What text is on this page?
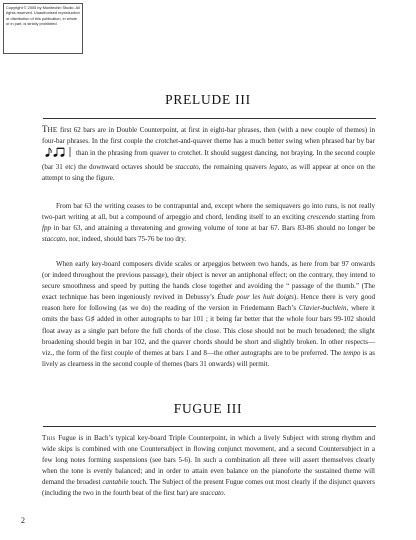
Copyright © 2005 by Monitechin Studio. All rights reserved. Unauthorised reproduction or distribution of this publication, in whole or in part, is strictly prohibited.
PRELUDE III

THE first 62 bars are in Double Counterpoint, at first in eight-bar phrases, then (with a new couple of themes) in four-bar phrases. In the first couple the crotchet-and-quaver theme has a much better swing when phrased bar by barthan in the phrasing from quaver to crotchet. It should suggest dancing, not braying. In the second couple (bar 31 etc) the downward octaves should be staccato, the remaining quavers legato, as will appear at once on the attempt to sing the figure.

From bar 63 the writing ceases to be contrapuntal and, except where the semiquavers go into runs, is not really two-part writing at all, but a compound of arpeggio and chord, lending itself to an exciting crescendo starting from fpp in bar 63, and attaining a threatening and growing volume of tone at bar 67. Bars 83-86 should no longer be staccato, nor, indeed, should bars 75-76 be too dry.

When early key-board composers divide scales or arpeggios between two hands, as here from bar 97 onwards (or indeed throughout the previous passage), their object is never an antiphonal effect; on the contrary, they intend to secure smoothness and speed by putting the hands close together and avoiding the “ passage of the thumb.” (The exact technique has been ingeniously revived in Debussy’s Étude pour les huit doigts). Hence there is very good reason here for following (as we do) the reading of the version in Friedemann Bach’s Clavier-buchlein, where it omits the bass G♯ added in other autographs to bar 101 ; it being far better that the whole four bars 99-102 should float away as a single part before the full chords of the close. This close should not be much broadened; the slight broadening should begin in bar 102, and the quaver chords should be short and slightly broken. In other respects—viz., the form of the first couple of themes at bars 1 and 8—the other autographs are to be preferred. The tempo is as lively as clearness in the second couple of themes (bars 31 onwards) will permit.

FUGUE III

This Fugue is in Bach’s typical key-board Triple Counterpoint, in which a lively Subject with strong rhythm and wide skips is combined with one Countersubject in flowing conjunct movement, and a second Countersubject in a few long notes forming suspensions (see bars 5-6). In such a combination all three will assert themselves clearly when the tone is evenly balanced; and in order to attain even balance on the pianoforte the sustained theme will demand the broadest cantabile touch. The Subject of the present Fugue comes out most clearly if the disjunct quavers (including the two in the fourth beat of the first bar) are staccato.

2
